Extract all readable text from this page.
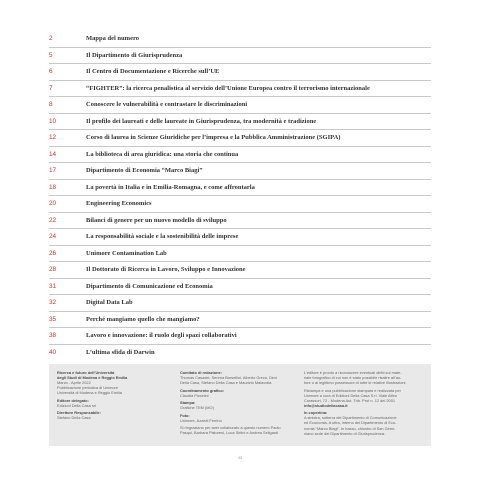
2	Mappa del numero
5	Il Dipartimento di Giurisprudenza
6	Il Centro di Documentazione e Ricerche sull’UE
7	“FIGHTER”: la ricerca penalistica al servizio dell’Unione Europea contro il terrorismo internazionale
8	Conoscere le vulnerabilità e contrastare le discriminazioni
10	Il profilo dei laureati e delle laureate in Giurisprudenza, tra modernità e tradizione
12	Corso di laurea in Scienze Giuridiche per l’impresa e la Pubblica Amministrazione (SGIPA)
14	La biblioteca di area giuridica: una storia che continua
17	Dipartimento di Economia “Marco Biagi”
18	La povertà in Italia e in Emilia-Romagna, e come affrontarla
20	Engineering Economics
22	Bilanci di genere per un nuovo modello di sviluppo
24	La responsabilità sociale e la sostenibilità delle imprese
26	Unimore Contamination Lab
28	Il Dottorato di Ricerca in Lavoro, Sviluppo e Innovazione
31	Dipartimento di Comunicazione ed Economia
32	Digital Data Lab
35	Perché mangiamo quello che mangiamo?
38	Lavoro e innovazione: il ruolo degli spazi collaborativi
40	L’ultima sfida di Darwin
Ricerca e futuro dell’Università
degli Studi di Modena e Reggio Emilia
Marzo - Aprile 2022
Pubblicazione periodica di Unimore
Università di Modena e Reggio Emilia
Editore delegato:
Edizioni Della Casa srl
Direttore Responsabile:
Stefano Della Casa
Comitato di redazione:
Thomas Casadei, Serena Borsellini, Alberto Greco, Devi
Della Casa, Stefano Della Casa e Maurizio Malavolta
Coordinamento grafico:
Claudia Piccinini
Stampa:
Grafiche TEM (MO)
Foto:
Unimore, Azzedi Ferrino
Si ringraziano per aver collaborato a questo numero Paolo
Pasqui, Barbara Pistoresi, Luca Sirtini e Andrea Seligardi
L’editore è pronto a riconoscere eventuali diritti sul mate-
riale fotografico di cui non è stato possibile risalire all’au-
tore o al legittimo possessore di tutte le relative illustrazioni.
Ristampa e una pubblicazione stampata e realizzata per
Unimore a cura di Edizioni Della Casa S.rl. Viale Alfeo
Corassori, 72 - Modena Aut. Trib. Prot n. 12 del 2001
info@studiodellacasa.it
In copertina:
A sinistra, sotterra del Dipartimento di Comunicazione
ed Economia. A ultra, interno del Dipartimento di Eco-
nomia “Marco Biagi”. In basso, chiostro di San Gemi-
niano sede del Dipartimento di Giurisprudenza.
43
